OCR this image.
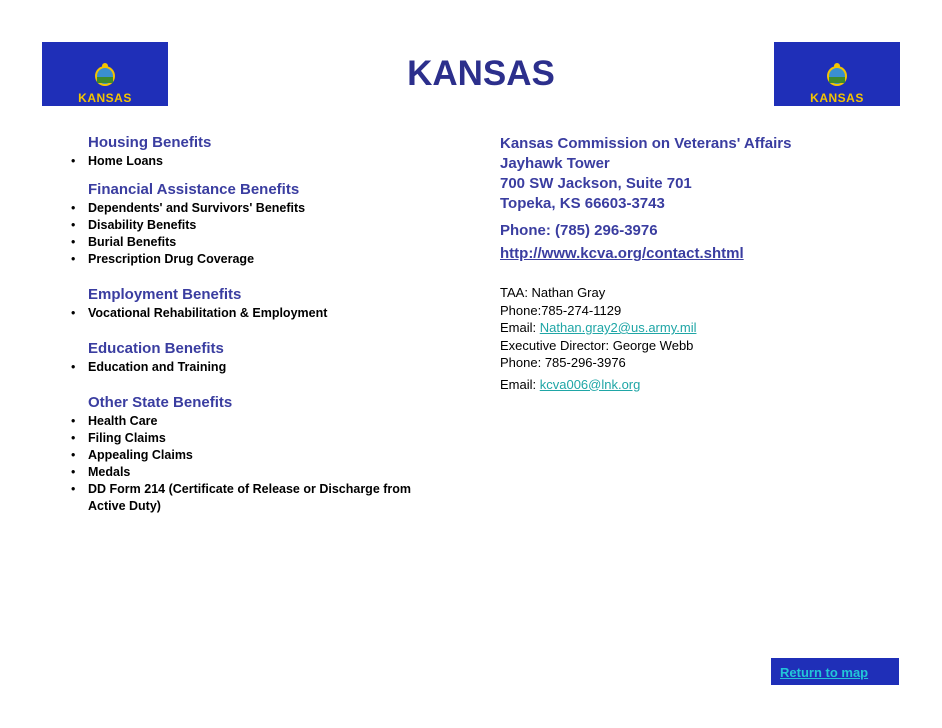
KANSAS	KANSAS
KANSAS
Housing Benefits
• Home Loans
Financial Assistance Benefits
• Dependents' and Survivors' Benefits
• Disability Benefits
• Burial Benefits
• Prescription Drug Coverage
Employment Benefits
• Vocational Rehabilitation & Employment
Education Benefits
• Education and Training
Other State Benefits
• Health Care
• Filing Claims
• Appealing Claims
• Medals
• DD Form 214 (Certificate of Release or Discharge from Active Duty)
Kansas Commission on Veterans' Affairs
Jayhawk Tower
700 SW Jackson, Suite 701
Topeka, KS 66603-3743
Phone: (785) 296-3976
http://www.kcva.org/contact.shtml
TAA: Nathan Gray
Phone:785-274-1129
Email: Nathan.gray2@us.army.mil
Executive Director: George Webb
Phone: 785-296-3976
Email: kcva006@lnk.org
Return to map
